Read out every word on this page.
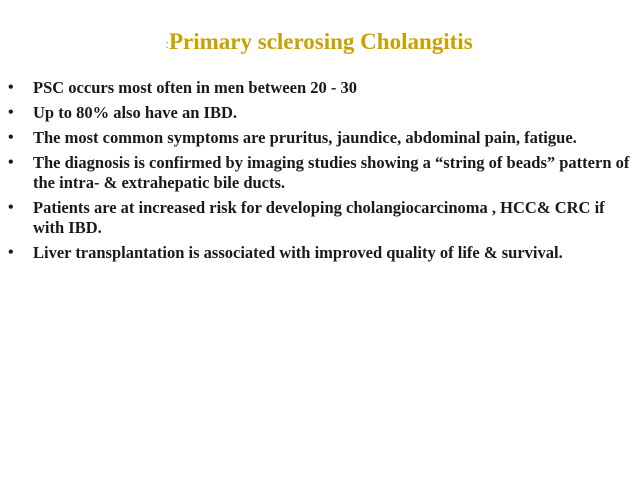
:Primary sclerosing Cholangitis
•	PSC occurs most often in men between 20 - 30
•	Up to 80% also have an IBD.
•	The most common symptoms are pruritus, jaundice, abdominal pain, fatigue.
•	The diagnosis is confirmed by imaging studies showing a “string of beads” pattern of the intra- & extrahepatic bile ducts.
•	Patients are at increased risk for developing cholangiocarcinoma , HCC& CRC if with IBD.
•	Liver transplantation is associated with improved quality of life & survival.
